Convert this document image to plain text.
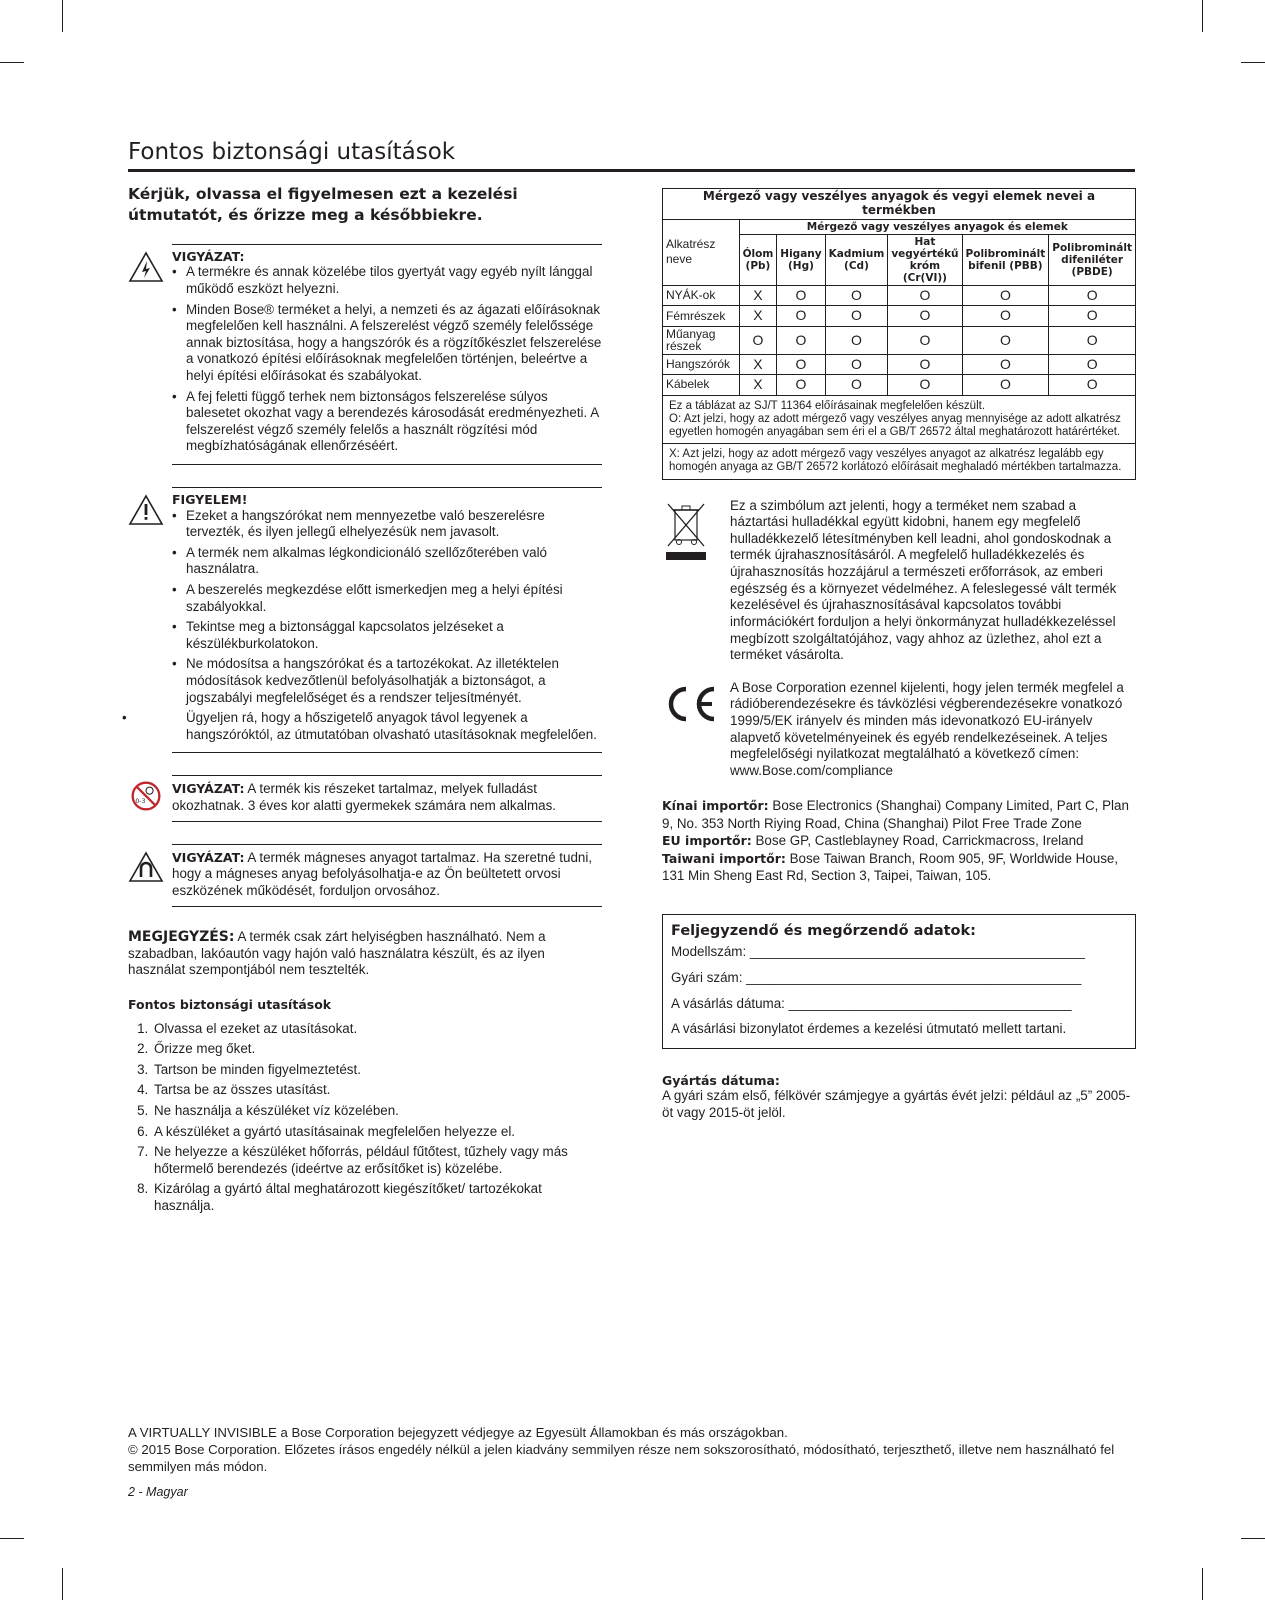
Fontos biztonsági utasítások

Kérjük, olvassa el figyelmesen ezt a kezelési útmutatót, és őrizze meg a későbbiekre.

VIGYÁZAT:
• A termékre és annak közelébe tilos gyertyát vagy egyéb nyílt lánggal működő eszközt helyezni.
• Minden Bose® terméket a helyi, a nemzeti és az ágazati előírásoknak megfelelően kell használni. A felszerelést végző személy felelőssége annak biztosítása, hogy a hangszórók és a rögzítőkészlet felszerelése a vonatkozó építési előírásoknak megfelelően történjen, beleértve a helyi építési előírásokat és szabályokat.
• A fej feletti függő terhek nem biztonságos felszerelése súlyos balesetet okozhat vagy a berendezés károsodását eredményezheti. A felszerelést végző személy felelős a használt rögzítési mód megbízhatóságának ellenőrzéséért.
FIGYELEM!
• Ezeket a hangszórókat nem mennyezetbe való beszerelésre tervezték, és ilyen jellegű elhelyezésük nem javasolt.
• A termék nem alkalmas légkondicionáló szellőzőterében való használatra.
• A beszerelés megkezdése előtt ismerkedjen meg a helyi építési szabályokkal.
• Tekintse meg a biztonsággal kapcsolatos jelzéseket a készülékburkolatokon.
• Ne módosítsa a hangszórókat és a tartozékokat. Az illetéktelen módosítások kedvezőtlenül befolyásolhatják a biztonságot, a jogszabályi megfelelőséget és a rendszer teljesítményét.
• Ügyeljen rá, hogy a hőszigetelő anyagok távol legyenek a hangszóróktól, az útmutatóban olvasható utasításoknak megfelelően.
0-3
VIGYÁZAT: A termék kis részeket tartalmaz, melyek fulladást okozhatnak. 3 éves kor alatti gyermekek számára nem alkalmas.
VIGYÁZAT: A termék mágneses anyagot tartalmaz. Ha szeretné tudni, hogy a mágneses anyag befolyásolhatja-e az Ön beültetett orvosi eszközének működését, forduljon orvosához.

MEGJEGYZÉS: A termék csak zárt helyiségben használható. Nem a szabadban, lakóautón vagy hajón való használatra készült, és az ilyen használat szempontjából nem tesztelték.

Fontos biztonsági utasítások
1. Olvassa el ezeket az utasításokat.
2. Őrizze meg őket.
3. Tartson be minden figyelmeztetést.
4. Tartsa be az összes utasítást.
5. Ne használja a készüléket víz közelében.
6. A készüléket a gyártó utasításainak megfelelően helyezze el.
7. Ne helyezze a készüléket hőforrás, például fűtőtest, tűzhely vagy más hőtermelő berendezés (ideértve az erősítőket is) közelébe.
8. Kizárólag a gyártó által meghatározott kiegészítőket/ tartozékokat használja.
Mérgező vagy veszélyes anyagok és vegyi elemek nevei a termékben						
Alkatrész neve	Mérgező vagy veszélyes anyagok és elemek					
	Ólom (Pb)	Higany (Hg)	Kadmium (Cd)	Hat vegyértékű króm (Cr(VI))	Polibrominált bifenil (PBB)	Polibrominált difeniléter (PBDE)
NYÁK-ok	X	O	O	O	O	O
Fémrészek	X	O	O	O	O	O
Műanyag részek	O	O	O	O	O	O
Hangszórók	X	O	O	O	O	O
Kábelek	X	O	O	O	O	O
Ez a táblázat az SJ/T 11364 előírásainak megfelelően készült.
O: Azt jelzi, hogy az adott mérgező vagy veszélyes anyag mennyisége az adott alkatrész egyetlen homogén anyagában sem éri el a GB/T 26572 által meghatározott határértéket.
X: Azt jelzi, hogy az adott mérgező vagy veszélyes anyagot az alkatrész legalább egy homogén anyaga az GB/T 26572 korlátozó előírásait meghaladó mértékben tartalmazza.
Ez a szimbólum azt jelenti, hogy a terméket nem szabad a háztartási hulladékkal együtt kidobni, hanem egy megfelelő hulladékkezelő létesítményben kell leadni, ahol gondoskodnak a termék újrahasznosításáról. A megfelelő hulladékkezelés és újrahasznosítás hozzájárul a természeti erőforrások, az emberi egészség és a környezet védelméhez. A feleslegessé vált termék kezelésével és újrahasznosításával kapcsolatos további információkért forduljon a helyi önkormányzat hulladékkezeléssel megbízott szolgáltatójához, vagy ahhoz az üzlethez, ahol ezt a terméket vásárolta.
A Bose Corporation ezennel kijelenti, hogy jelen termék megfelel a rádióberendezésekre és távközlési végberendezésekre vonatkozó 1999/5/EK irányelv és minden más idevonatkozó EU-irányelv alapvető követelményeinek és egyéb rendelkezéseinek. A teljes megfelelőségi nyilatkozat megtalálható a következő címen: www.Bose.com/compliance
Kínai importőr: Bose Electronics (Shanghai) Company Limited, Part C, Plan 9, No. 353 North Riying Road, China (Shanghai) Pilot Free Trade Zone
EU importőr: Bose GP, Castleblayney Road, Carrickmacross, Ireland
Taiwani importőr: Bose Taiwan Branch, Room 905, 9F, Worldwide House, 131 Min Sheng East Rd, Section 3, Taipei, Taiwan, 105.
Feljegyzendő és megőrzendő adatok:
Modellszám: _____________________________________________
Gyári szám: _____________________________________________
A vásárlás dátuma: ______________________________________
A vásárlási bizonylatot érdemes a kezelési útmutató mellett tartani.
Gyártás dátuma:
A gyári szám első, félkövér számjegye a gyártás évét jelzi: például az „5” 2005-öt vagy 2015-öt jelöl.
A VIRTUALLY INVISIBLE a Bose Corporation bejegyzett védjegye az Egyesült Államokban és más országokban.
© 2015 Bose Corporation. Előzetes írásos engedély nélkül a jelen kiadvány semmilyen része nem sokszorosítható, módosítható, terjeszthető, illetve nem használható fel semmilyen más módon.
2 - Magyar
